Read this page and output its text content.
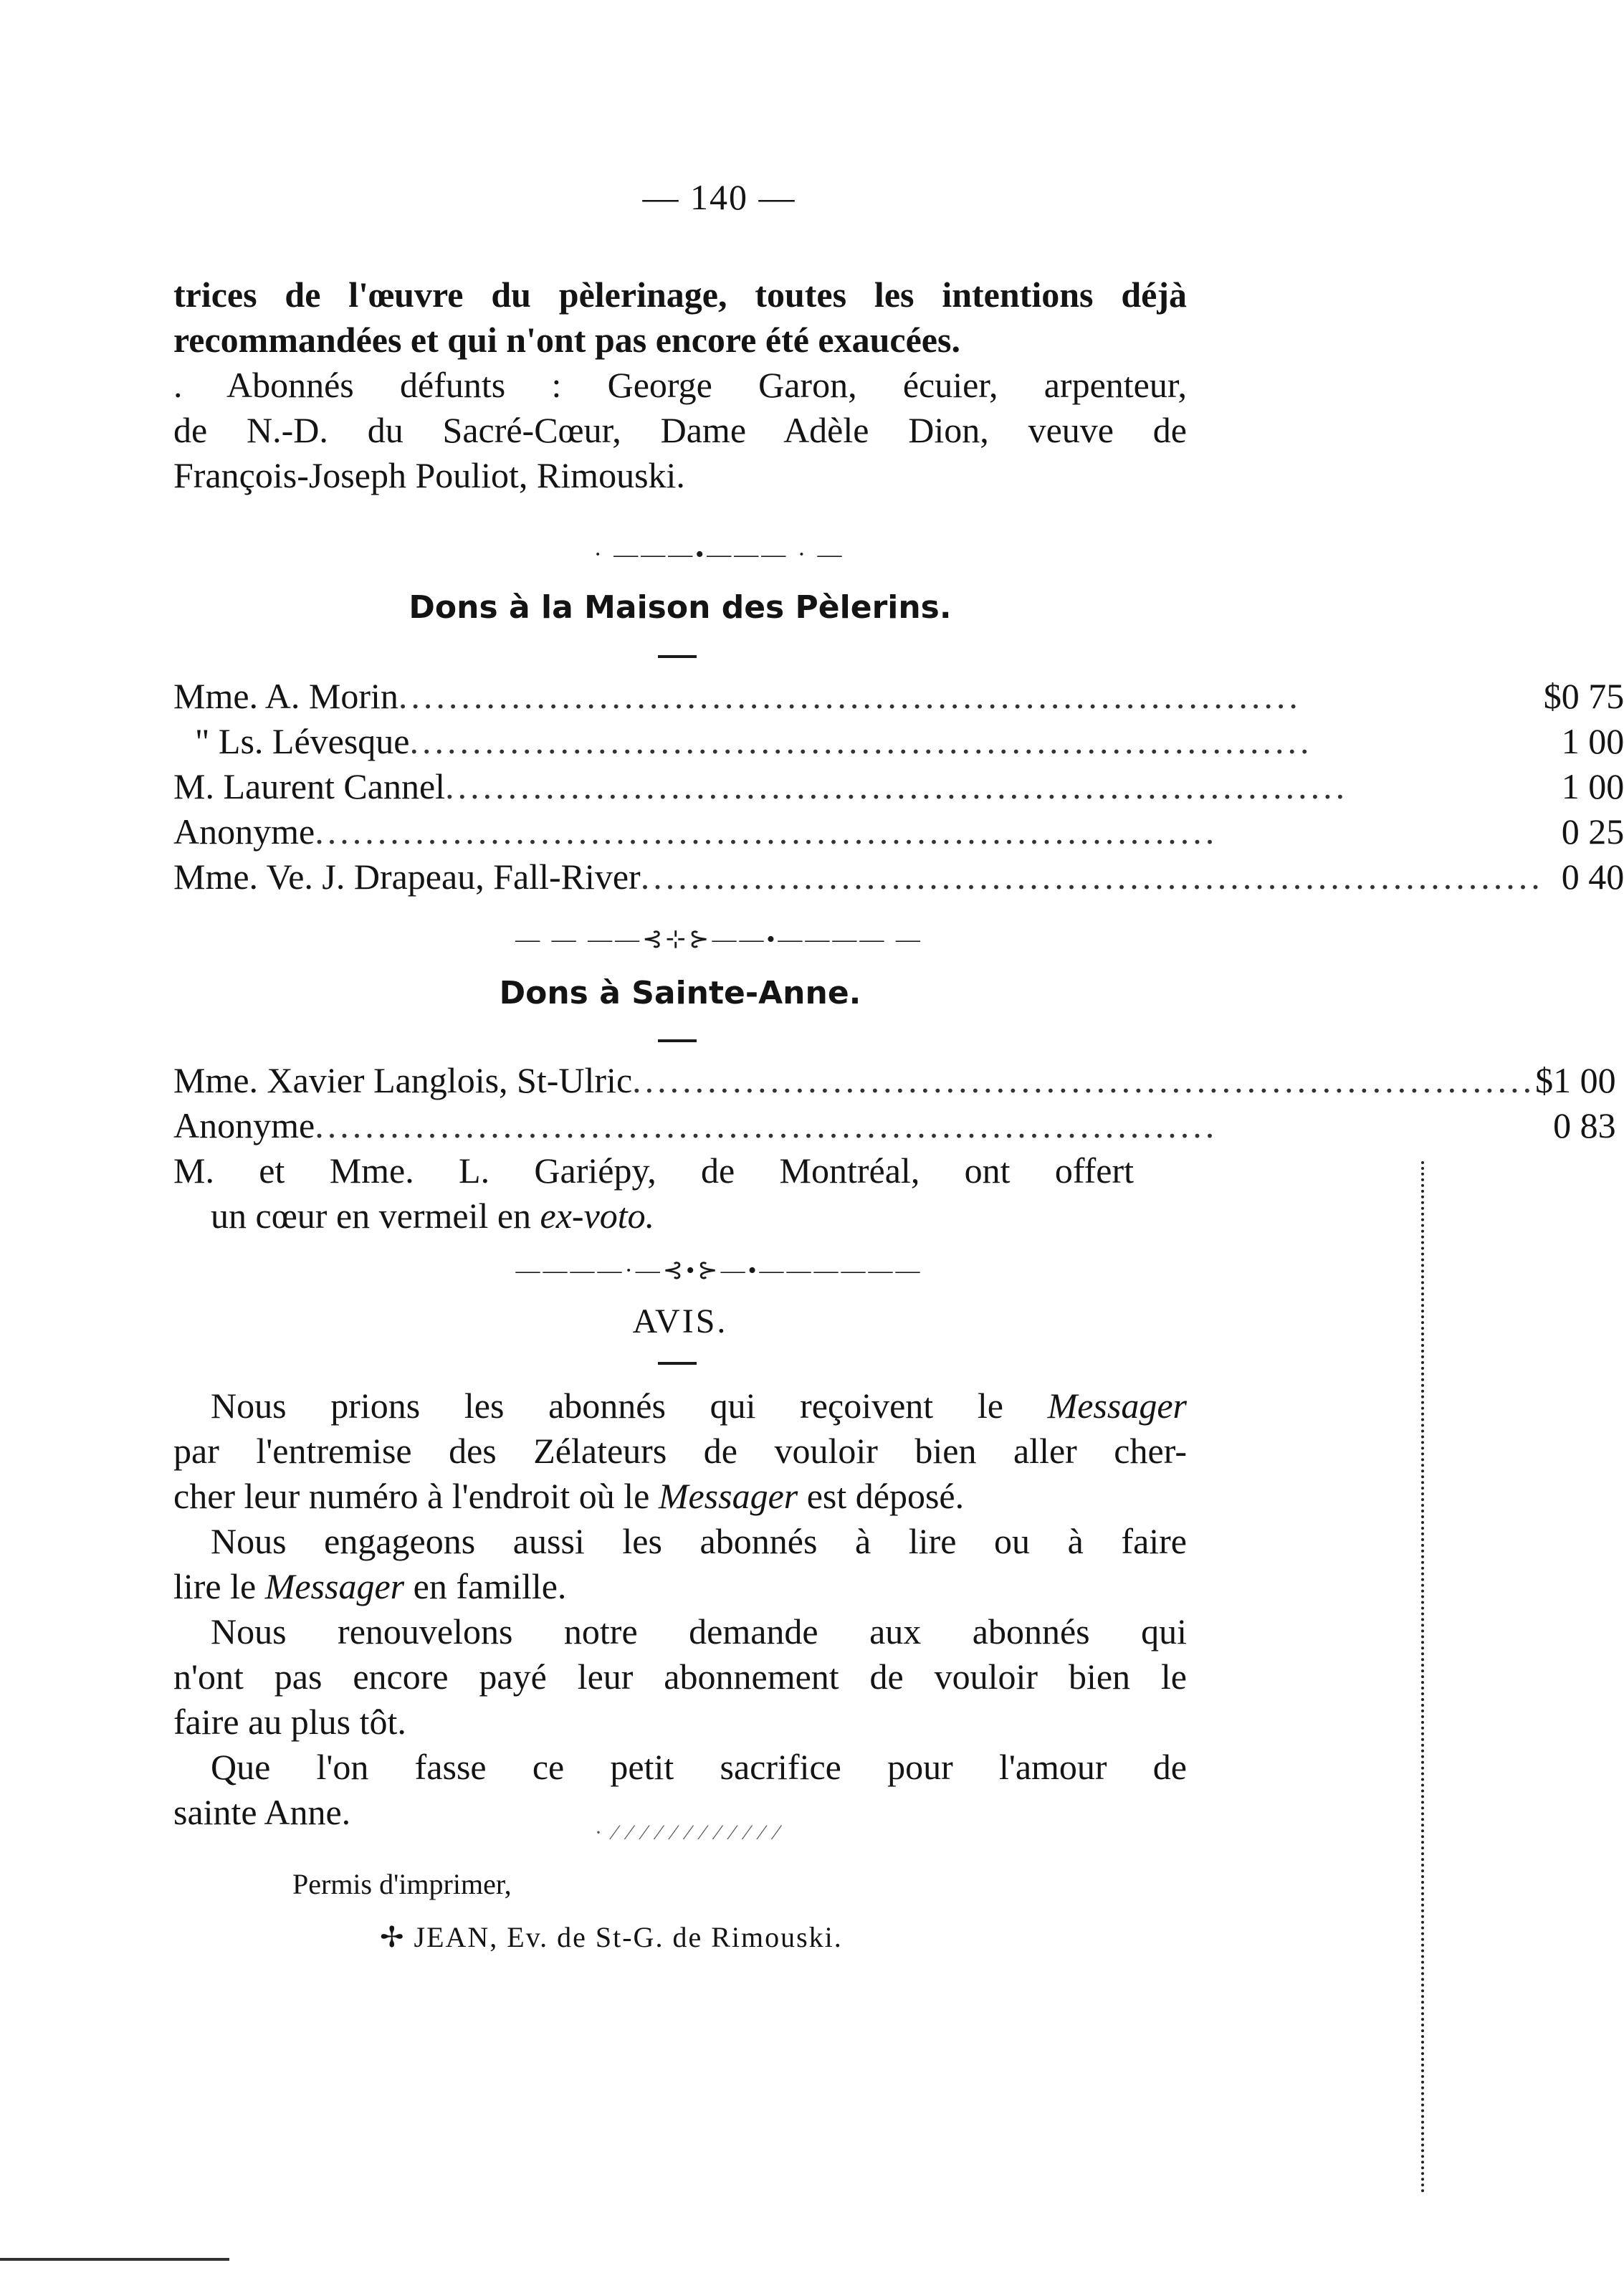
— 140 —
trices de l'œuvre du pèlerinage, toutes les intentions déjà
recommandées et qui n'ont pas encore été exaucées.
. Abonnés défunts : George Garon, écuier, arpenteur,
de N.-D. du Sacré-Cœur, Dame Adèle Dion, veuve de
François-Joseph Pouliot, Rimouski.
· ―――•――― · ―
Dons à la Maison des Pèlerins.
Mme. A. Morin........................................................................	$0 75
" Ls. Lévesque........................................................................	1 00
M. Laurent Cannel........................................................................	1 00
Anonyme........................................................................	0 25
Mme. Ve. J. Drapeau, Fall-River........................................................................	0 40
— ― ――⊰⊹⊱――•―――― ―
Dons à Sainte-Anne.
Mme. Xavier Langlois, St-Ulric........................................................................	$1 00
Anonyme........................................................................	0 83
M. et Mme. L. Gariépy, de Montréal, ont offert
un cœur en vermeil en ex-voto.
――――·―⊰•⊱―•――――――
AVIS.
Nous prions les abonnés qui reçoivent le Messager
par l'entremise des Zélateurs de vouloir bien aller cher-
cher leur numéro à l'endroit où le Messager est déposé.
Nous engageons aussi les abonnés à lire ou à faire
lire le Messager en famille.
Nous renouvelons notre demande aux abonnés qui
n'ont pas encore payé leur abonnement de vouloir bien le
faire au plus tôt.
Que l'on fasse ce petit sacrifice pour l'amour de
sainte Anne.
· ⁄ ⁄ ⁄ ⁄ ⁄ ⁄ ⁄ ⁄ ⁄ ⁄ ⁄ ⁄
Permis d'imprimer,
✢ JEAN, Ev. de St-G. de Rimouski.
